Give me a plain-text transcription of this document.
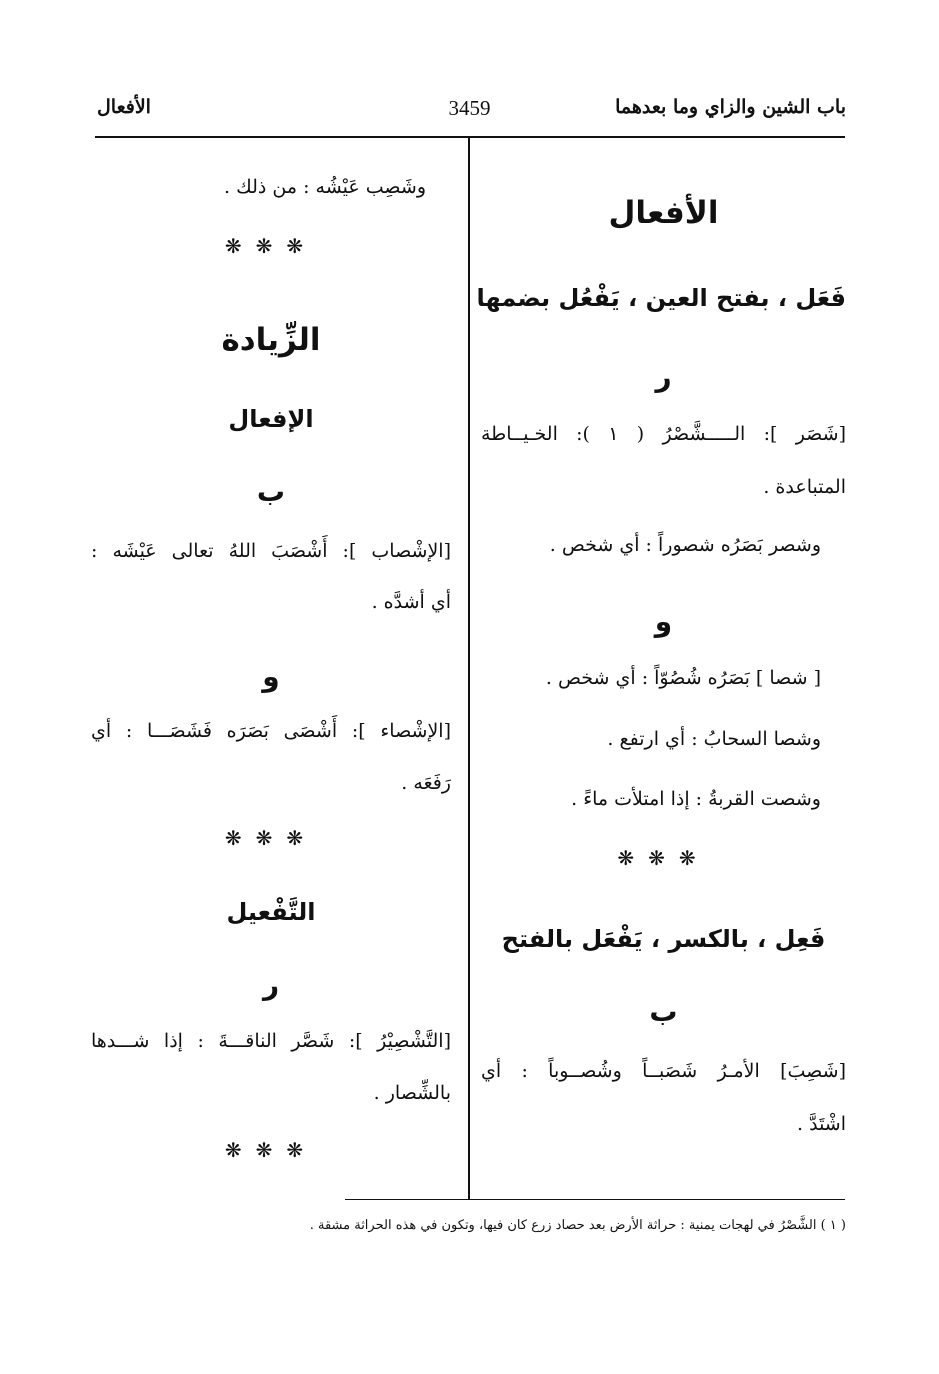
باب الشين والزاي وما بعدهما
3459
الأفعال
الأفعال
فَعَل ، بفتح العين ، يَفْعُل بضمها
ر
[شَصَر ]: الـــــشَّصْرُ ( ١ ): الخـيــاطة
المتباعدة .
وشصر بَصَرُه شصوراً : أي شخص .
و
[ شصا ] بَصَرُه شُصُوّاً : أي شخص .
وشصا السحابُ : أي ارتفع .
وشصت القربةُ : إذا امتلأت ماءً .
❋❋❋
فَعِل ، بالكسر ، يَفْعَل بالفتح
ب
[شَصِبَ] الأمـرُ شَصَبــاً وشُصــوباً : أي
اشْتَدَّ .
وشَصِب عَيْشُه : من ذلك .
❋❋❋
الزِّيادة
الإفعال
ب
[الإشْصاب ]: أَشْصَبَ اللهُ تعالى عَيْشَه :
أي أشدَّه .
و
[الإشْصاء ]: أَشْصَى بَصَرَه فَشَصَـــا : أي
رَفَعَه .
❋❋❋
التَّفْعيل
ر
[التَّشْصِيْرُ ]: شَصَّر الناقـــةَ : إذا شـــدها
بالشِّصار .
❋❋❋
( ١ ) الشَّصْرُ في لهجات يمنية : حراثة الأرض بعد حصاد زرع كان فيها، وتكون في هذه الحراثة مشقة .
